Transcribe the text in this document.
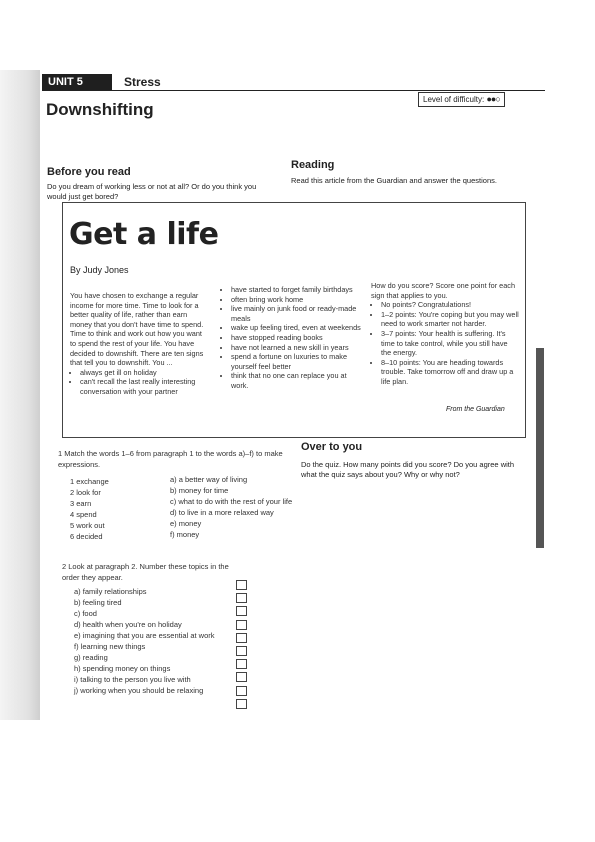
UNIT 5	Stress
Downshifting
Level of difficulty: ●●○
Before you read
Do you dream of working less or not at all? Or do you think you would just get bored?
Reading
Read this article from the Guardian and answer the questions.
Get a life
By Judy Jones

You have chosen to exchange a regular income for more time. Time to look for a better quality of life, rather than earn money that you don't have time to spend. Time to think and work out how you want to spend the rest of your life. You have decided to downshift. There are ten signs that tell you to downshift. You ...

• always get ill on holiday
• can't recall the last really interesting conversation with your partner
• have started to forget family birthdays
• often bring work home
• live mainly on junk food or ready-made meals
• wake up feeling tired, even at weekends
• have stopped reading books
• have not learned a new skill in years
• spend a fortune on luxuries to make yourself feel better
• think that no one can replace you at work.

How do you score? Score one point for each sign that applies to you.

• No points? Congratulations!
• 1–2 points: You're coping but you may well need to work smarter not harder.
• 3–7 points: Your health is suffering. It's time to take control, while you still have the energy.
• 8–10 points: You are heading towards trouble. Take tomorrow off and draw up a life plan.
From the Guardian
1 Match the words 1–6 from paragraph 1 to the words a)–f) to make expressions.
1 exchange
2 look for
3 earn
4 spend
5 work out
6 decided
a) a better way of living
b) money for time
c) what to do with the rest of your life
d) to live in a more relaxed way
e) money
f) money
Over to you
Do the quiz. How many points did you score? Do you agree with what the quiz says about you? Why or why not?
2 Look at paragraph 2. Number these topics in the order they appear.
a) family relationships
b) feeling tired
c) food
d) health when you're on holiday
e) imagining that you are essential at work
f) learning new things
g) reading
h) spending money on things
i) talking to the person you live with
j) working when you should be relaxing
